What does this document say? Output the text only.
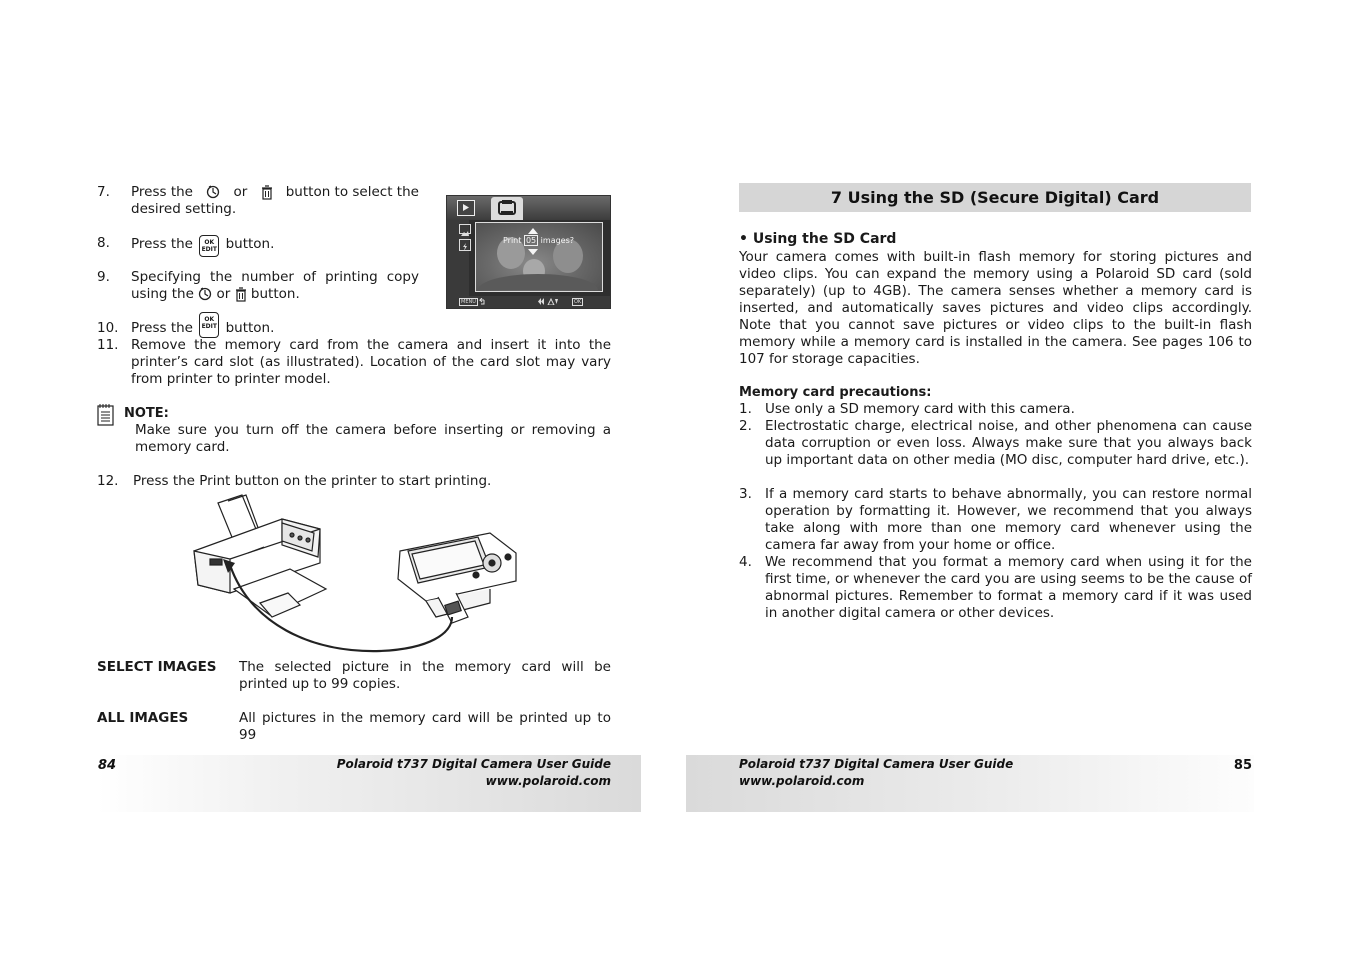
7.	Press the	or	button to select the
desired setting.
8.	Press the OK
EDIT button.
9.	Specifying the number of printing copy
using the or button.
Print 05 images?
MENU	OK
10. Press the OK
EDIT button.
11. Remove the memory card from the camera and insert it into the printer’s card slot (as illustrated). Location of the card slot may vary from printer to printer model.
NOTE:
Make sure you turn off the camera before inserting or removing a memory card.
12.	Press the Print button on the printer to start printing.
SELECT IMAGES	The selected picture in the memory card will be printed up to 99 copies.
ALL IMAGES	All pictures in the memory card will be printed up to 99
84	Polaroid t737 Digital Camera User Guide
www.polaroid.com
7 Using the SD (Secure Digital) Card
• Using the SD Card
Your camera comes with built-in flash memory for storing pictures and video clips. You can expand the memory using a Polaroid SD card (sold separately) (up to 4GB). The camera senses whether a memory card is inserted, and automatically saves pictures and video clips accordingly. Note that you cannot save pictures or video clips to the built-in flash memory while a memory card is installed in the camera. See pages 106 to 107 for storage capacities.
Memory card precautions:
1. Use only a SD memory card with this camera.
2. Electrostatic charge, electrical noise, and other phenomena can cause data corruption or even loss. Always make sure that you always back up important data on other media (MO disc, computer hard drive, etc.).
3. If a memory card starts to behave abnormally, you can restore normal operation by formatting it. However, we recommend that you always take along with more than one memory card whenever using the camera far away from your home or office.
4. We recommend that you format a memory card when using it for the first time, or whenever the card you are using seems to be the cause of abnormal pictures. Remember to format a memory card if it was used in another digital camera or other devices.
Polaroid t737 Digital Camera User Guide
www.polaroid.com
85
